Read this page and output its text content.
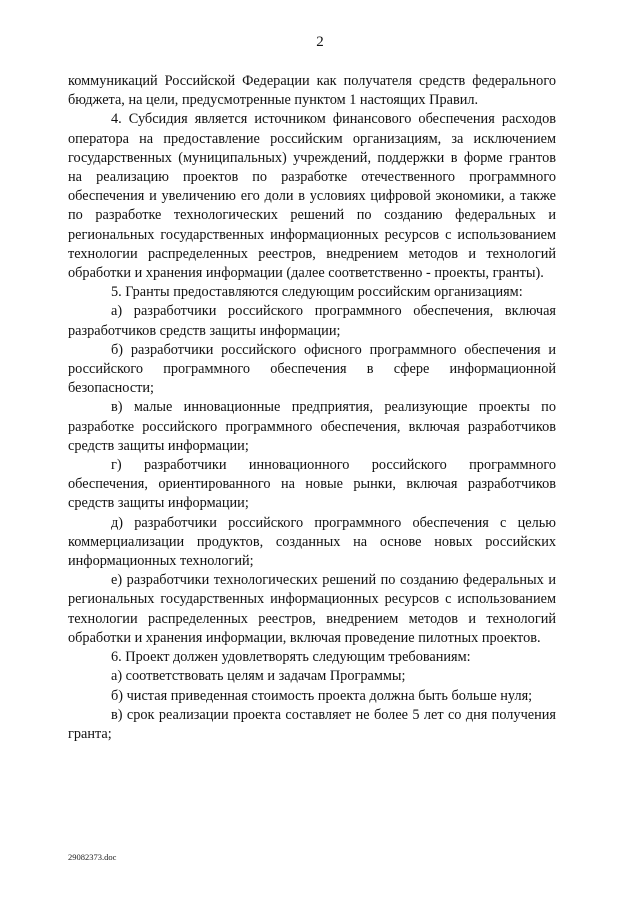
2

коммуникаций Российской Федерации как получателя средств федерального бюджета, на цели, предусмотренные пунктом 1 настоящих Правил.

4. Субсидия является источником финансового обеспечения расходов оператора на предоставление российским организациям, за исключением государственных (муниципальных) учреждений, поддержки в форме грантов на реализацию проектов по разработке отечественного программного обеспечения и увеличению его доли в условиях цифровой экономики, а также по разработке технологических решений по созданию федеральных и региональных государственных информационных ресурсов с использованием технологии распределенных реестров, внедрением методов и технологий обработки и хранения информации (далее соответственно - проекты, гранты).

5. Гранты предоставляются следующим российским организациям:

а) разработчики российского программного обеспечения, включая разработчиков средств защиты информации;

б) разработчики российского офисного программного обеспечения и российского программного обеспечения в сфере информационной безопасности;

в) малые инновационные предприятия, реализующие проекты по разработке российского программного обеспечения, включая разработчиков средств защиты информации;

г) разработчики инновационного российского программного обеспечения, ориентированного на новые рынки, включая разработчиков средств защиты информации;

д) разработчики российского программного обеспечения с целью коммерциализации продуктов, созданных на основе новых российских информационных технологий;

е) разработчики технологических решений по созданию федеральных и региональных государственных информационных ресурсов с использованием технологии распределенных реестров, внедрением методов и технологий обработки и хранения информации, включая проведение пилотных проектов.

6. Проект должен удовлетворять следующим требованиям:

а) соответствовать целям и задачам Программы;

б) чистая приведенная стоимость проекта должна быть больше нуля;

в) срок реализации проекта составляет не более 5 лет со дня получения гранта;

29082373.doc
